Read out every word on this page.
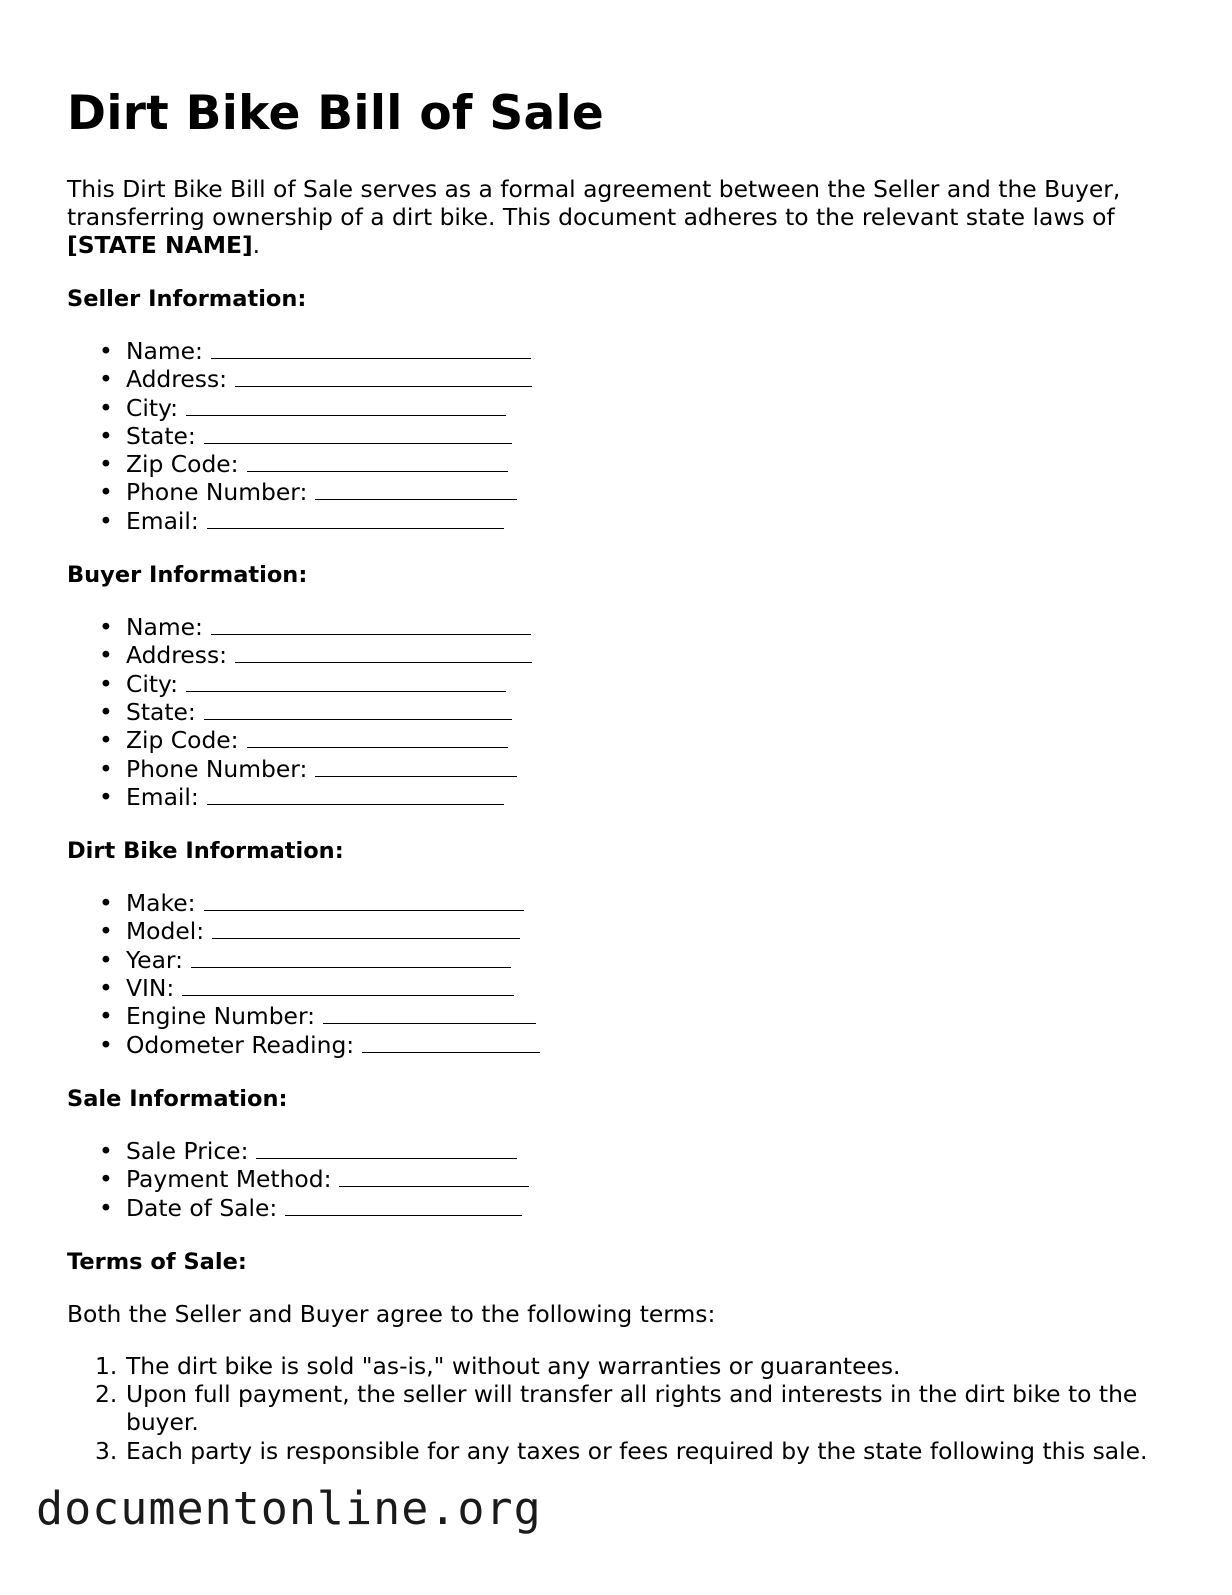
Dirt Bike Bill of Sale

This Dirt Bike Bill of Sale serves as a formal agreement between the Seller and the Buyer, transferring ownership of a dirt bike. This document adheres to the relevant state laws of [STATE NAME].

Seller Information:
• Name:
• Address:
• City:
• State:
• Zip Code:
• Phone Number:
• Email:
Buyer Information:
• Name:
• Address:
• City:
• State:
• Zip Code:
• Phone Number:
• Email:
Dirt Bike Information:
• Make:
• Model:
• Year:
• VIN:
• Engine Number:
• Odometer Reading:
Sale Information:
• Sale Price:
• Payment Method:
• Date of Sale:
Terms of Sale:

Both the Seller and Buyer agree to the following terms:

1. The dirt bike is sold "as-is," without any warranties or guarantees.
2. Upon full payment, the seller will transfer all rights and interests in the dirt bike to the buyer.
3. Each party is responsible for any taxes or fees required by the state following this sale.
documentonline.org
